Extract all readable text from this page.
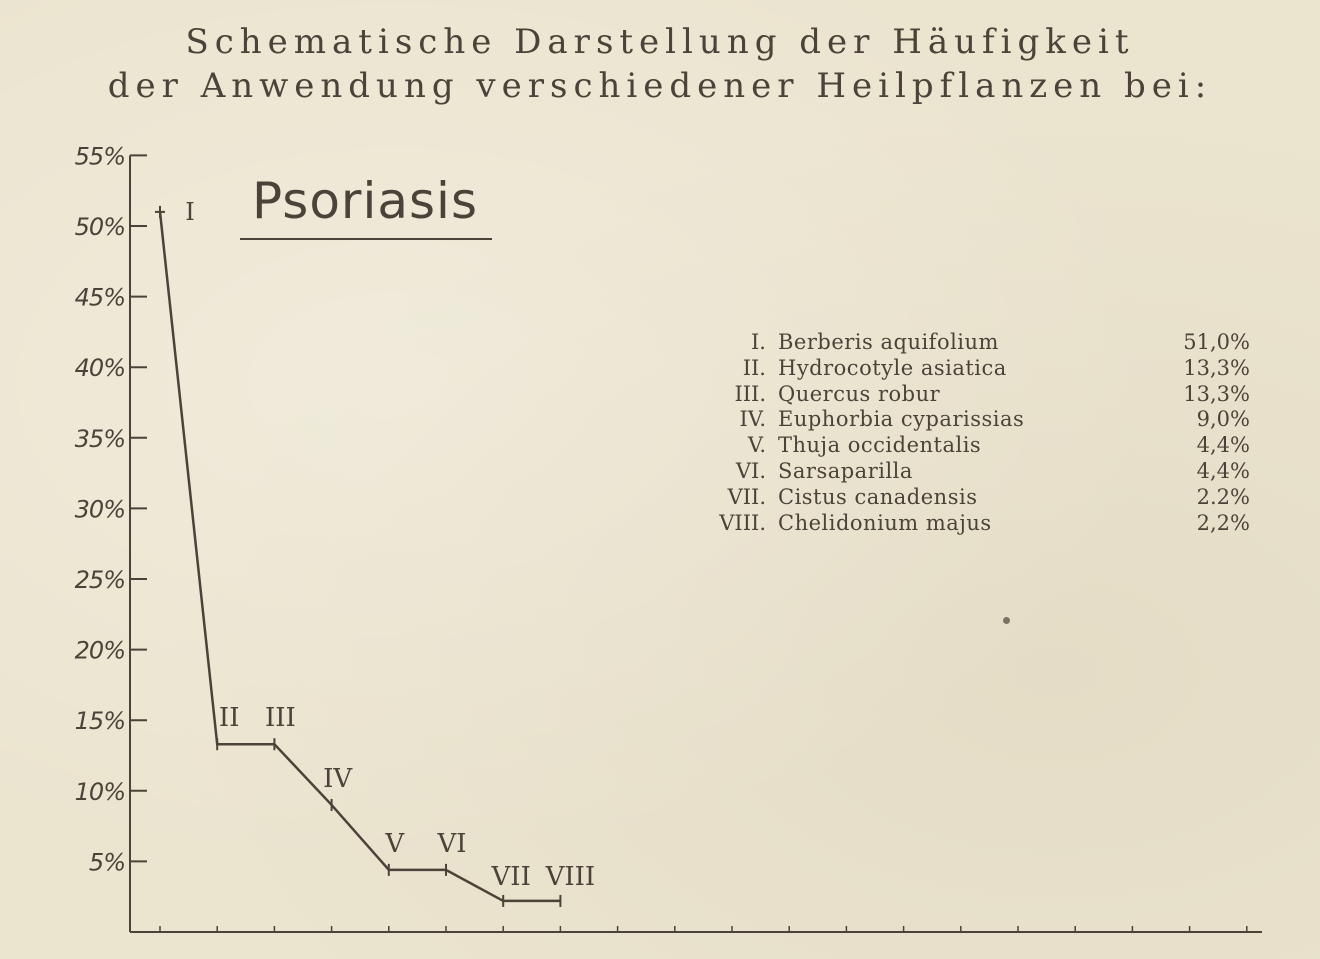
Schematische Darstellung der Häufigkeit
der Anwendung verschiedener Heilpflanzen bei:
Psoriasis
5%
10%
15%
20%
25%
30%
35%
40%
45%
50%
55%
I
II III
IV
V VI
VII VIII
I. Berberis aquifolium	51,0%
II. Hydrocotyle asiatica	13,3%
III. Quercus robur	13,3%
IV. Euphorbia cyparissias	9,0%
V. Thuja occidentalis	4,4%
VI. Sarsaparilla	4,4%
VII. Cistus canadensis	2.2%
VIII. Chelidonium majus	2,2%
